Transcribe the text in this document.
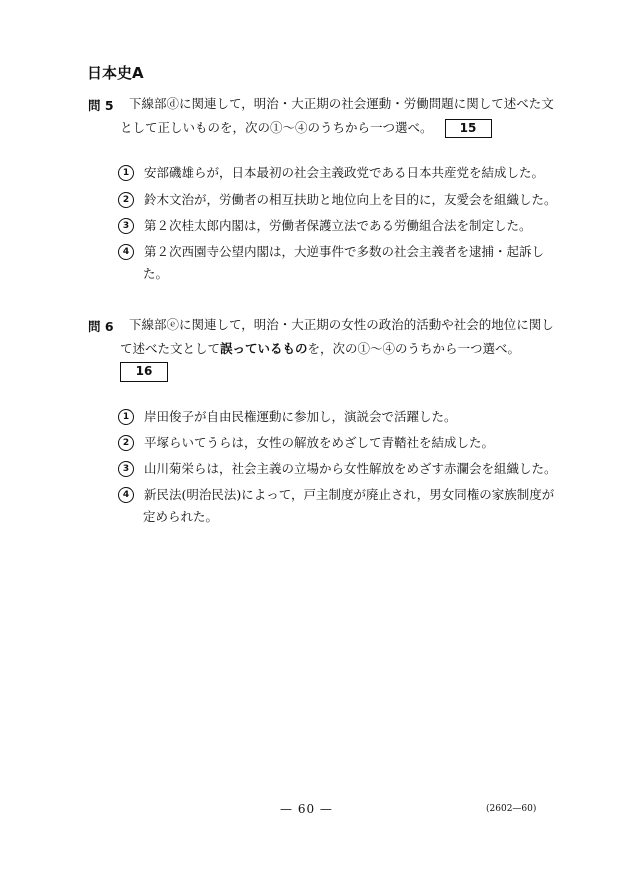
日本史A
問 5 下線部ⓓに関連して，明治・大正期の社会運動・労働問題に関して述べた文
として正しいものを，次の①～④のうちから一つ選べ。 15
1 安部磯雄らが，日本最初の社会主義政党である日本共産党を結成した。
2 鈴木文治が，労働者の相互扶助と地位向上を目的に，友愛会を組織した。
3 第２次桂太郎内閣は，労働者保護立法である労働組合法を制定した。
4 第２次西園寺公望内閣は，大逆事件で多数の社会主義者を逮捕・起訴し
た。
問 6 下線部ⓔに関連して，明治・大正期の女性の政治的活動や社会的地位に関し
て述べた文として誤っているものを，次の①～④のうちから一つ選べ。
16
1 岸田俊子が自由民権運動に参加し，演説会で活躍した。
2 平塚らいてうらは，女性の解放をめざして青鞜社を結成した。
3 山川菊栄らは，社会主義の立場から女性解放をめざす赤瀾会を組織した。
4 新民法(明治民法)によって，戸主制度が廃止され，男女同権の家族制度が
定められた。
— 60 —	(2602—60)
